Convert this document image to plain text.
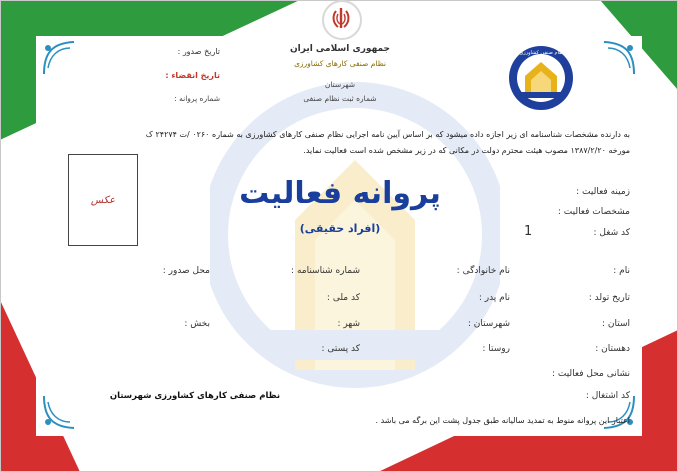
جمهوری اسلامی ایران
نظام صنفی کارهای کشاورزی
شهرستان
شماره ثبت نظام صنفی
تاریخ صدور :
تاریخ انقضاء :
شماره پروانه :
نظام صنفی کشاورزی
به دارنده مشخصات شناسنامه ای زیر اجازه داده میشود که بر اساس آیین نامه اجرایی نظام صنفی کارهای کشاورزی به شماره ۰۲۶۰ /ت ۲۴۲۷۴ ک
مورخه ۱۳۸۷/۲/۲۰ مصوب هیئت محترم دولت در مکانی که در زیر مشخص شده است فعالیت نماید.
پروانه فعالیت
(افراد حقیقی)
عکس
زمینه فعالیت :
مشخصات فعالیت :
کد شغل :
1
نام :
نام خانوادگی :
شماره شناسنامه :
محل صدور :
تاریخ تولد :
نام پدر :
کد ملی :
استان :
شهرستان :
شهر :
بخش :
دهستان :
روستا :
کد پستی :
نشانی محل فعالیت :
کد اشتغال :
نظام صنفی کارهای کشاورزی شهرستان
اعتبار این پروانه منوط به تمدید سالیانه طبق جدول پشت این برگه می باشد .
